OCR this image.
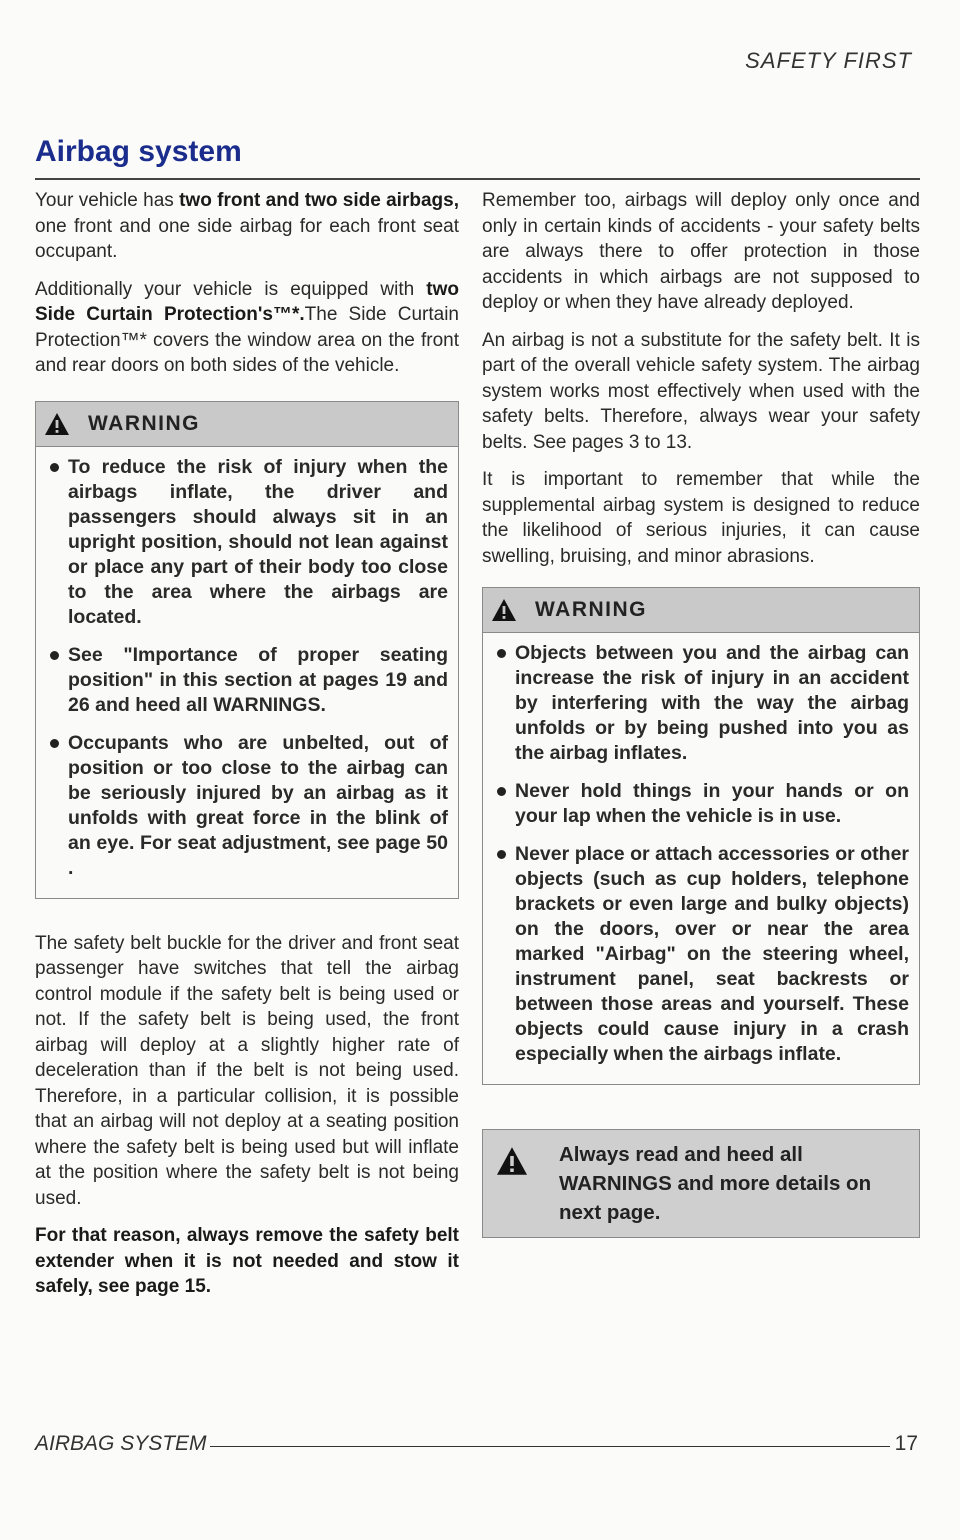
SAFETY FIRST
Airbag system

Your vehicle has two front and two side airbags, one front and one side airbag for each front seat occupant.

Additionally your vehicle is equipped with two Side Curtain Protection's™*.The Side Curtain Protection™* covers the window area on the front and rear doors on both sides of the vehicle.

WARNING
To reduce the risk of injury when the airbags inflate, the driver and passengers should always sit in an upright position, should not lean against or place any part of their body too close to the area where the airbags are located.
See "Importance of proper seating position" in this section at pages 19 and 26 and heed all WARNINGS.
Occupants who are unbelted, out of position or too close to the airbag can be seriously injured by an airbag as it unfolds with great force in the blink of an eye. For seat adjustment, see page 50 .

The safety belt buckle for the driver and front seat passenger have switches that tell the airbag control module if the safety belt is being used or not. If the safety belt is being used, the front airbag will deploy at a slightly higher rate of deceleration than if the belt is not being used. Therefore, in a particular collision, it is possible that an airbag will not deploy at a seating position where the safety belt is being used but will inflate at the position where the safety belt is not being used.

For that reason, always remove the safety belt extender when it is not needed and stow it safely, see page 15.

Remember too, airbags will deploy only once and only in certain kinds of accidents - your safety belts are always there to offer protection in those accidents in which airbags are not supposed to deploy or when they have already deployed.

An airbag is not a substitute for the safety belt. It is part of the overall vehicle safety system. The airbag system works most effectively when used with the safety belts. Therefore, always wear your safety belts. See pages 3 to 13.

It is important to remember that while the supplemental airbag system is designed to reduce the likelihood of serious injuries, it can cause swelling, bruising, and minor abrasions.

WARNING
Objects between you and the airbag can increase the risk of injury in an accident by interfering with the way the airbag unfolds or by being pushed into you as the airbag inflates.
Never hold things in your hands or on your lap when the vehicle is in use.
Never place or attach accessories or other objects (such as cup holders, telephone brackets or even large and bulky objects) on the doors, over or near the area marked "Airbag" on the steering wheel, instrument panel, seat backrests or between those areas and yourself. These objects could cause injury in a crash especially when the airbags inflate.
Always read and heed all WARNINGS and more details on next page.
AIRBAG SYSTEM	17
